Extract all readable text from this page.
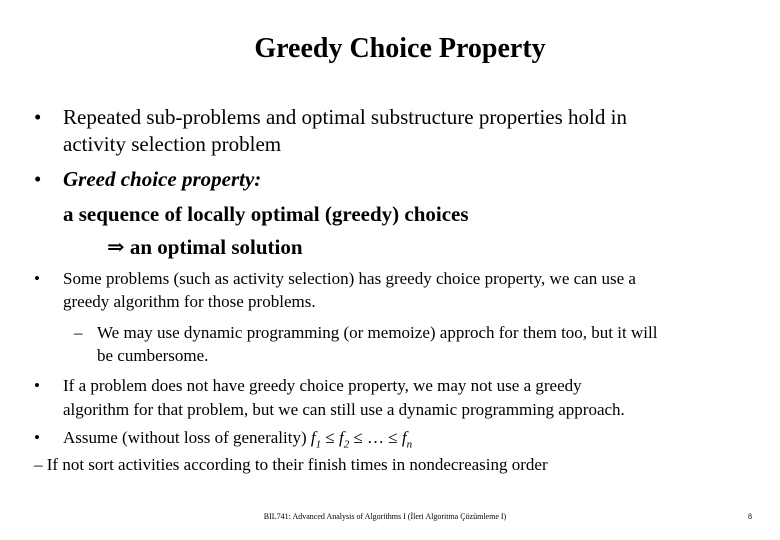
Greedy Choice Property
• Repeated sub-problems and optimal substructure properties hold in
activity selection problem
• Greed choice property:
a sequence of locally optimal (greedy) choices
⇒ an optimal solution
• Some problems (such as activity selection) has greedy choice property, we can use a
greedy algorithm for those problems.
– We may use dynamic programming (or memoize) approch for them too, but it will
be cumbersome.
• If a problem does not have greedy choice property, we may not use a greedy
algorithm for that problem, but we can still use a dynamic programming approach.
• Assume (without loss of generality) $f_1 \le f_2$ ≤ … ≤ $f_n$
– If not sort activities according to their finish times in nondecreasing order
BIL741: Advanced Analysis of Algorithms I (İleri Algoritma Çözümleme I)	8
